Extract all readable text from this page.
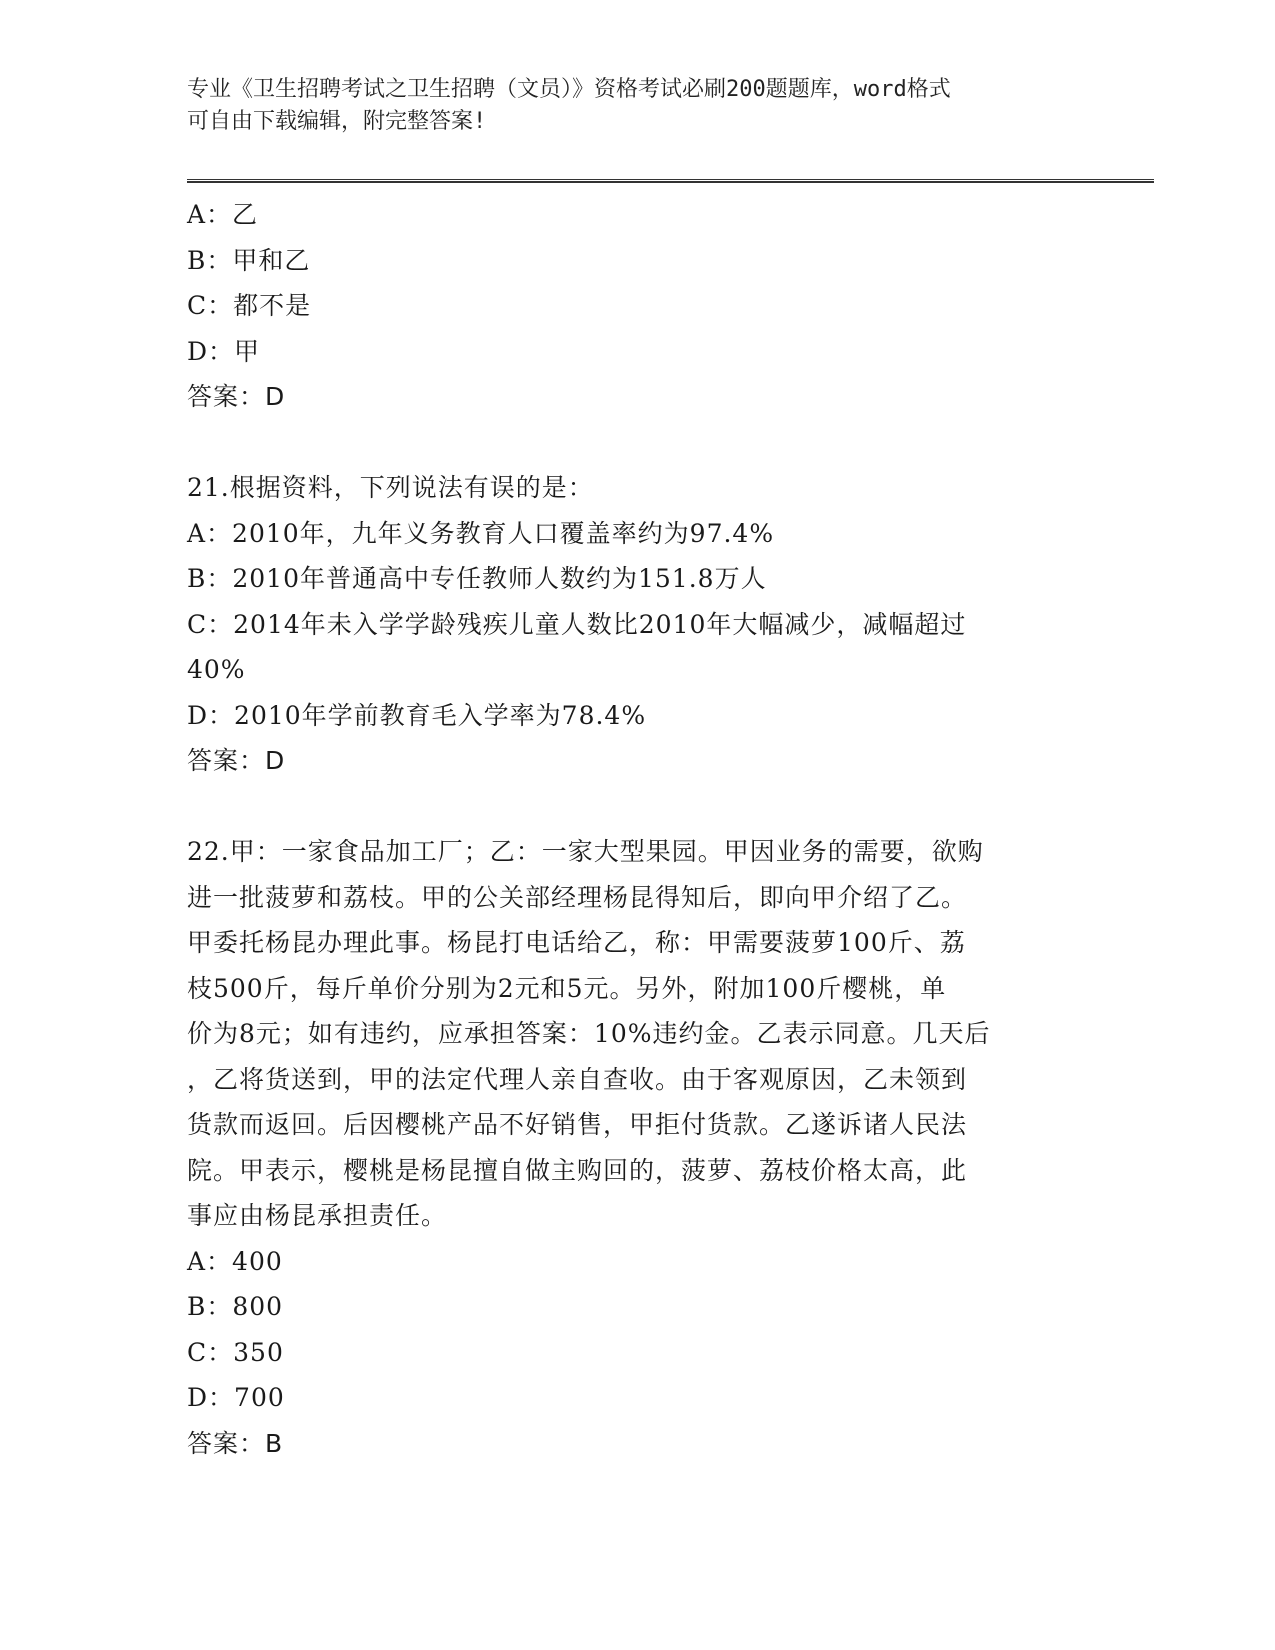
专业《卫生招聘考试之卫生招聘（文员）》资格考试必刷200题题库，word格式
可自由下载编辑，附完整答案!
A：乙
B：甲和乙
C：都不是
D：甲
答案：D
21.根据资料，下列说法有误的是：
A：2010年，九年义务教育人口覆盖率约为97.4%
B：2010年普通高中专任教师人数约为151.8万人
C：2014年未入学学龄残疾儿童人数比2010年大幅减少，减幅超过
40%
D：2010年学前教育毛入学率为78.4%
答案：D
22.甲：一家食品加工厂；乙：一家大型果园。甲因业务的需要，欲购
进一批菠萝和荔枝。甲的公关部经理杨昆得知后，即向甲介绍了乙。
甲委托杨昆办理此事。杨昆打电话给乙，称：甲需要菠萝100斤、荔
枝500斤，每斤单价分别为2元和5元。另外，附加100斤樱桃，单
价为8元；如有违约，应承担答案：10%违约金。乙表示同意。几天后
，乙将货送到，甲的法定代理人亲自查收。由于客观原因，乙未领到
货款而返回。后因樱桃产品不好销售，甲拒付货款。乙遂诉诸人民法
院。甲表示，樱桃是杨昆擅自做主购回的，菠萝、荔枝价格太高，此
事应由杨昆承担责任。
A：400
B：800
C：350
D：700
答案：B
